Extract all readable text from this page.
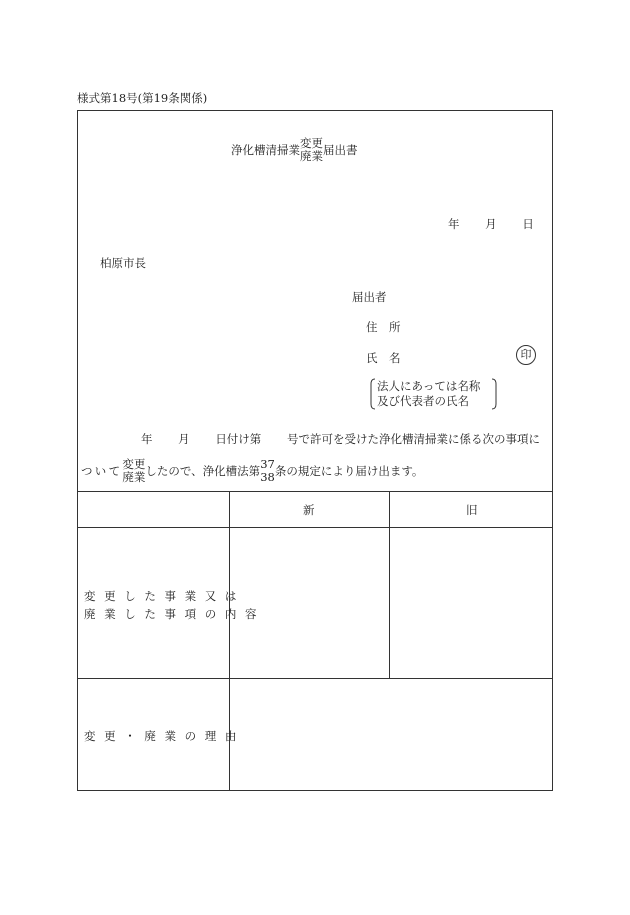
様式第18号(第19条関係)
浄化槽清掃業 変更
廃業 届出書
年 月 日
柏原市長
届出者
住　所
氏　名	印
法人にあっては名称
及び代表者の氏名
年 月 日付け第 号で許可を受けた浄化槽清掃業に係る次の事項に
ついて 変更
廃業 したので、浄化槽法第 37
38 条の規定により届け出ます。
新	旧
変更した事業又は
廃業した事項の内容
変更・廃業の理由
